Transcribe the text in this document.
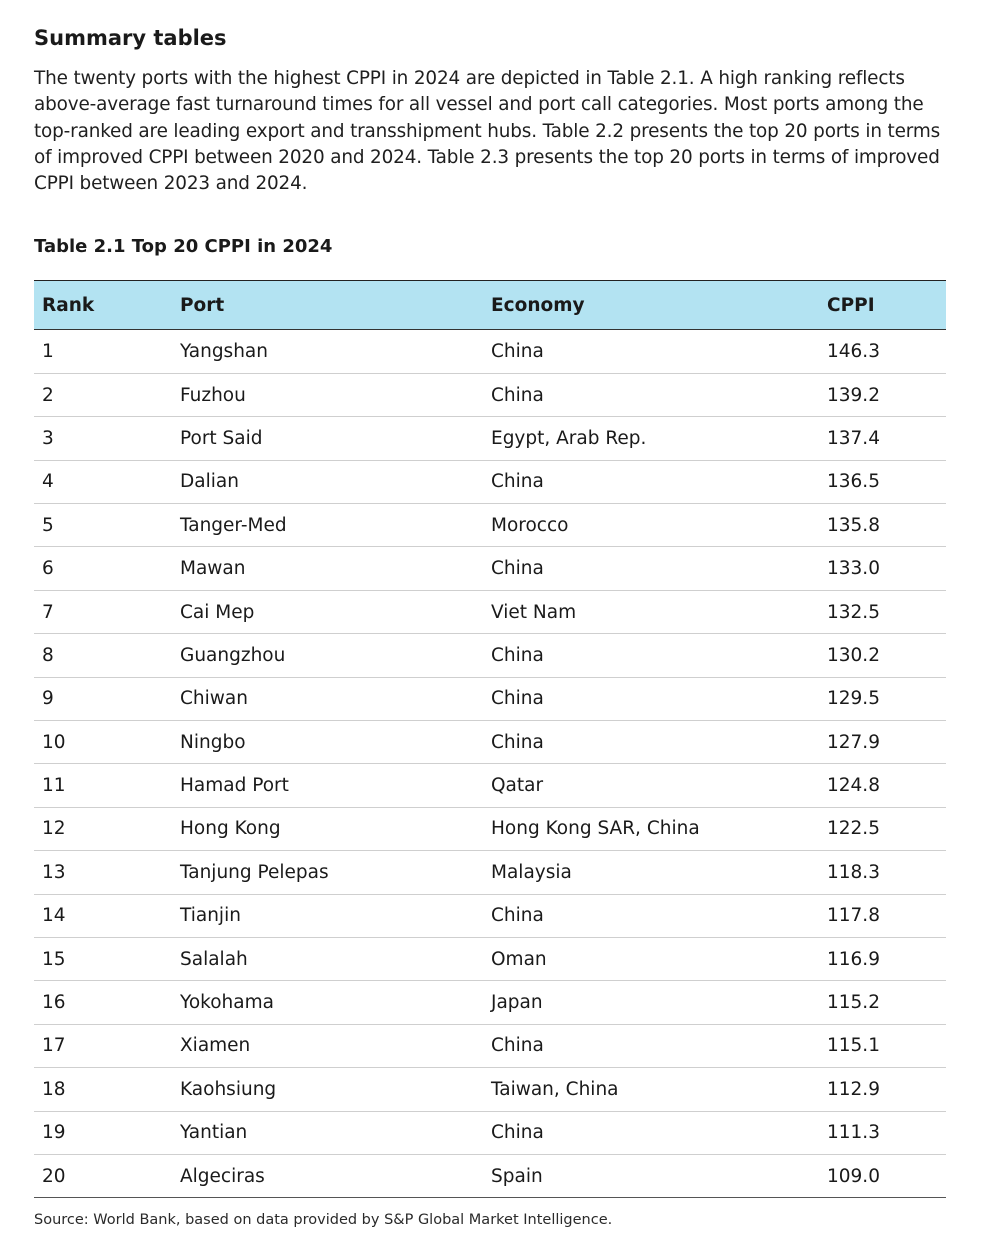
Summary tables

The twenty ports with the highest CPPI in 2024 are depicted in Table 2.1. A high ranking reflects above-average fast turnaround times for all vessel and port call categories. Most ports among the top-ranked are leading export and transshipment hubs. Table 2.2 presents the top 20 ports in terms of improved CPPI between 2020 and 2024. Table 2.3 presents the top 20 ports in terms of improved CPPI between 2023 and 2024.

Table 2.1 Top 20 CPPI in 2024
Rank	Port	Economy	CPPI
1	Yangshan	China	146.3
2	Fuzhou	China	139.2
3	Port Said	Egypt, Arab Rep.	137.4
4	Dalian	China	136.5
5	Tanger-Med	Morocco	135.8
6	Mawan	China	133.0
7	Cai Mep	Viet Nam	132.5
8	Guangzhou	China	130.2
9	Chiwan	China	129.5
10	Ningbo	China	127.9
11	Hamad Port	Qatar	124.8
12	Hong Kong	Hong Kong SAR, China	122.5
13	Tanjung Pelepas	Malaysia	118.3
14	Tianjin	China	117.8
15	Salalah	Oman	116.9
16	Yokohama	Japan	115.2
17	Xiamen	China	115.1
18	Kaohsiung	Taiwan, China	112.9
19	Yantian	China	111.3
20	Algeciras	Spain	109.0
Source: World Bank, based on data provided by S&P Global Market Intelligence.
